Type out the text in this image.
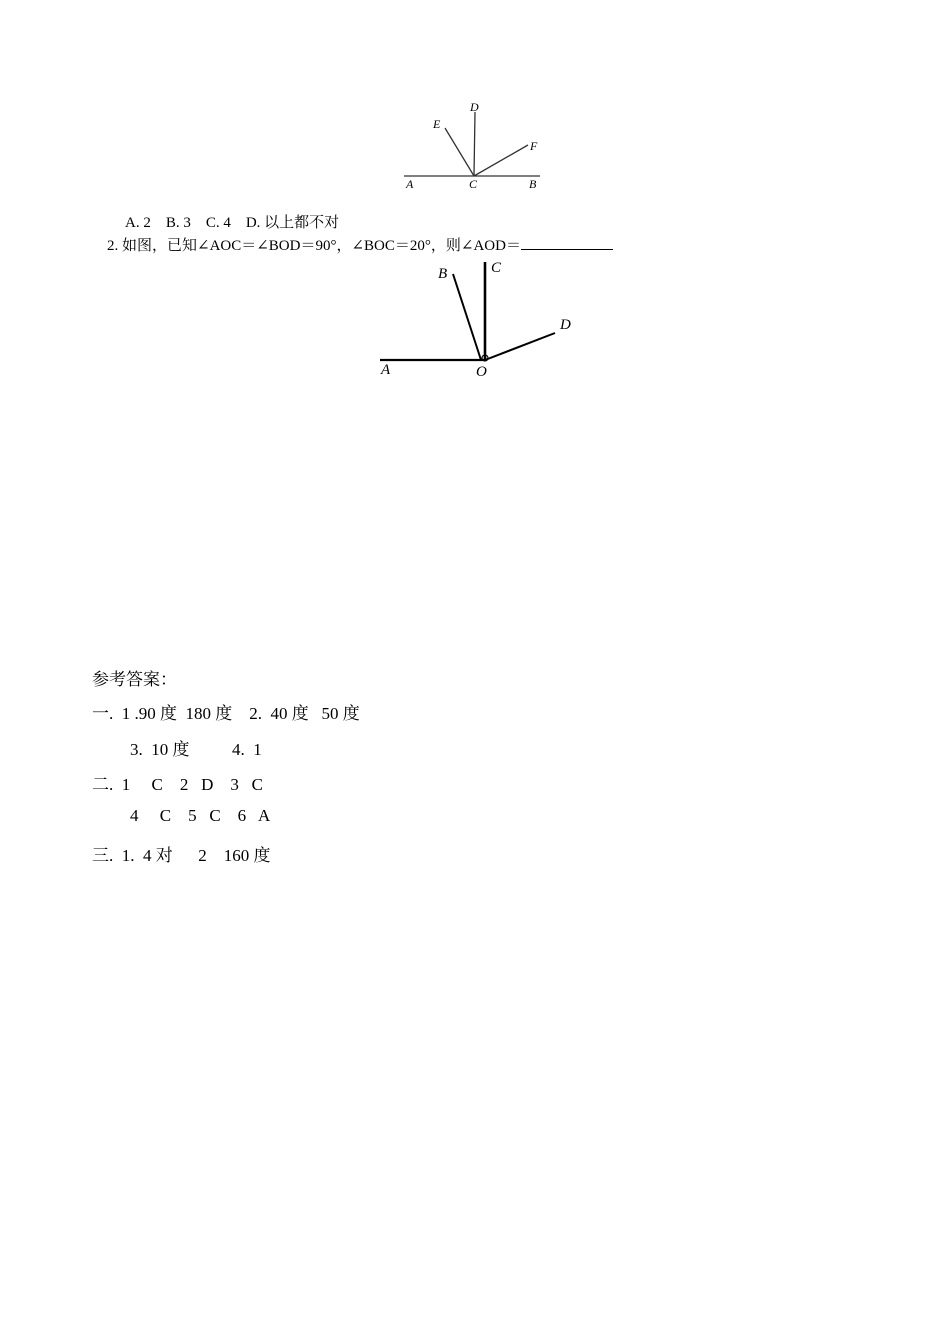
A	C	B
D
E
F
A. 2　B. 3　C. 4　D. 以上都不对
2. 如图，已知∠AOC＝∠BOD＝90°，∠BOC＝20°，则∠AOD＝
A	O
B	C
D
参考答案：
一.  1 .90 度  180 度    2.  40 度   50 度
3.  10 度          4.  1
二.  1     C    2   D    3   C
4     C    5   C    6   A
三.  1.  4 对      2    160 度
